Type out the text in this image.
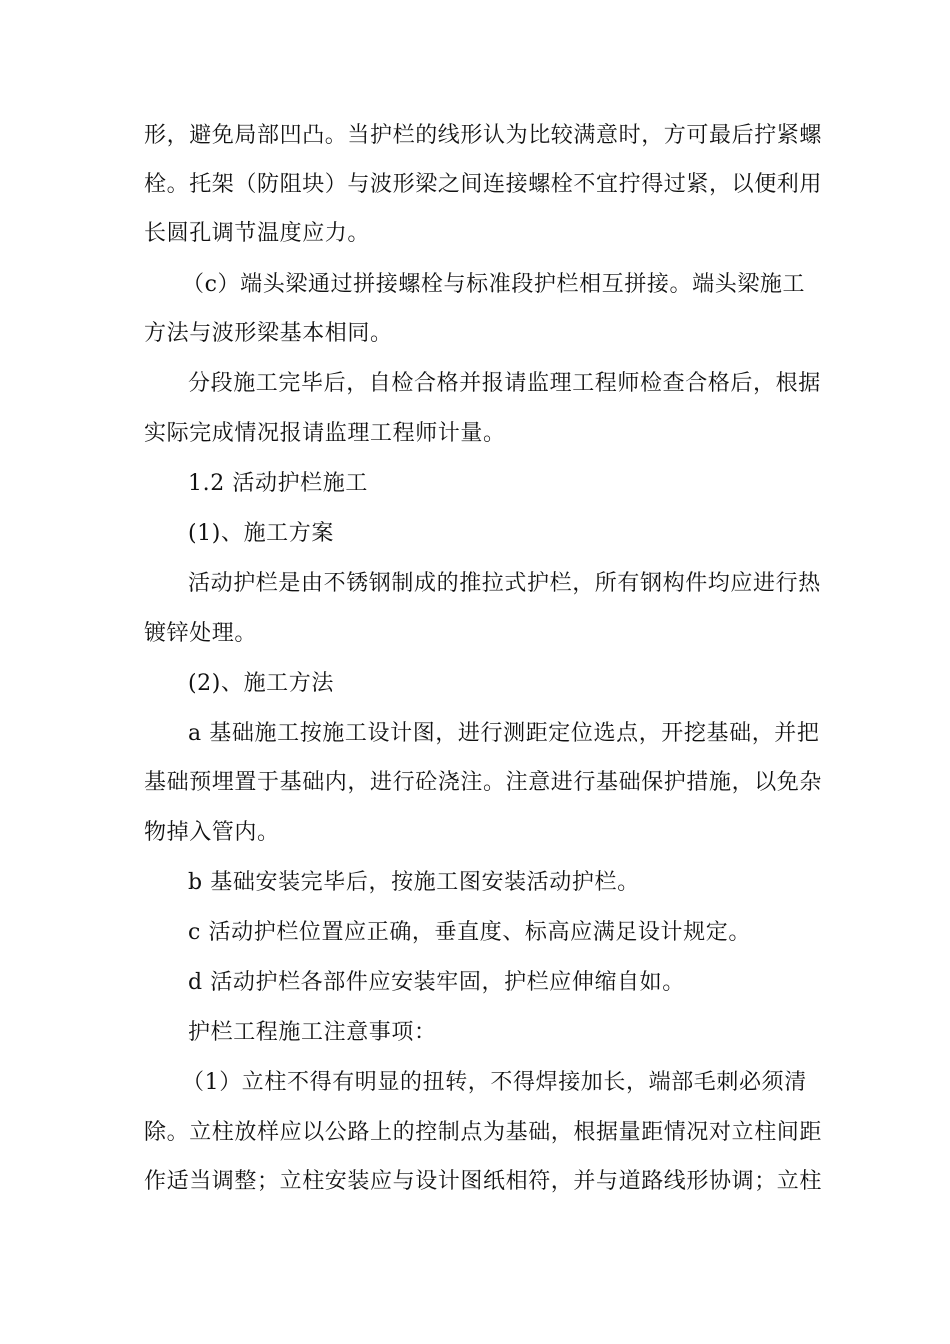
形，避免局部凹凸。当护栏的线形认为比较满意时，方可最后拧紧螺
栓。托架（防阻块）与波形梁之间连接螺栓不宜拧得过紧，以便利用
长圆孔调节温度应力。
（c）端头梁通过拼接螺栓与标准段护栏相互拼接。端头梁施工
方法与波形梁基本相同。
分段施工完毕后，自检合格并报请监理工程师检查合格后，根据
实际完成情况报请监理工程师计量。
1.2 活动护栏施工
(1)、施工方案
活动护栏是由不锈钢制成的推拉式护栏，所有钢构件均应进行热
镀锌处理。
(2)、施工方法
a 基础施工按施工设计图，进行测距定位选点，开挖基础，并把
基础预埋置于基础内，进行砼浇注。注意进行基础保护措施，以免杂
物掉入管内。
b 基础安装完毕后，按施工图安装活动护栏。
c 活动护栏位置应正确，垂直度、标高应满足设计规定。
d 活动护栏各部件应安装牢固，护栏应伸缩自如。
护栏工程施工注意事项：
（1）立柱不得有明显的扭转，不得焊接加长，端部毛刺必须清
除。立柱放样应以公路上的控制点为基础，根据量距情况对立柱间距
作适当调整；立柱安装应与设计图纸相符，并与道路线形协调；立柱
